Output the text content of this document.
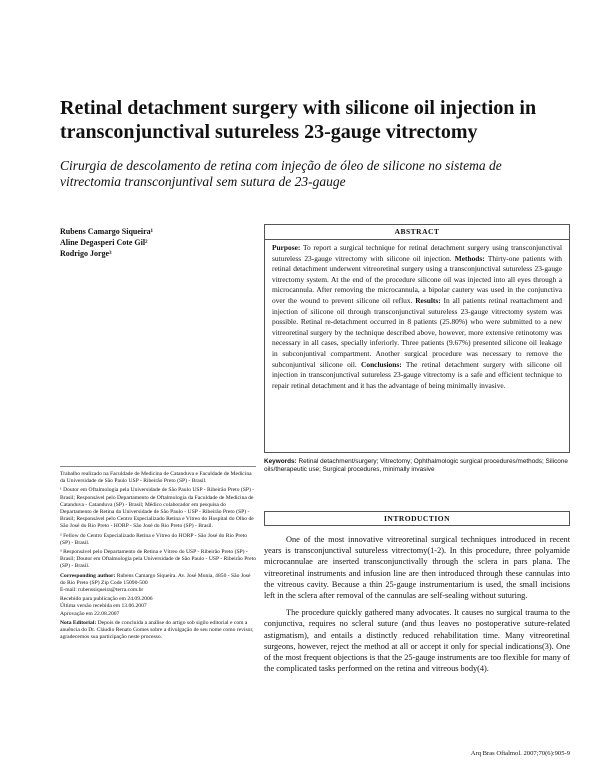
Retinal detachment surgery with silicone oil injection in transconjunctival sutureless 23-gauge vitrectomy
Cirurgia de descolamento de retina com injeção de óleo de silicone no sistema de vitrectomia transconjuntival sem sutura de 23-gauge
Rubens Camargo Siqueira¹
Aline Degasperi Cote Gil²
Rodrigo Jorge³
ABSTRACT
Purpose: To report a surgical technique for retinal detachment surgery using transconjunctival sutureless 23-gauge vitrectomy with silicone oil injection. Methods: Thirty-one patients with retinal detachment underwent vitreoretinal surgery using a transconjunctival sutureless 23-gauge vitrectomy system. At the end of the procedure silicone oil was injected into all eyes through a microcannula. After removing the microcannula, a bipolar cautery was used in the conjunctiva over the wound to prevent silicone oil reflux. Results: In all patients retinal reattachment and injection of silicone oil through transconjunctival sutureless 23-gauge vitrectomy system was possible. Retinal re-detachment occurred in 8 patients (25.80%) who were submitted to a new vitreoretinal surgery by the technique described above, however, more extensive retinotomy was necessary in all cases, specially inferiorly. Three patients (9.67%) presented silicone oil leakage in subconjuntival compartment. Another surgical procedure was necessary to remove the subconjuntival silicone oil. Conclusions: The retinal detachment surgery with silicone oil injection in transconjunctival sutureless 23-gauge vitrectomy is a safe and efficient technique to repair retinal detachment and it has the advantage of being minimally invasive.
Keywords: Retinal detachment/surgery; Vitrectomy; Ophthalmologic surgical procedures/methods; Silicone oils/therapeutic use; Surgical procedures, minimally invasive

Trabalho realizado na Faculdade de Medicina de Catanduva e Faculdade de Medicina da Universidade de São Paulo USP - Ribeirão Preto (SP) - Brasil.

¹ Doutor em Oftalmologia pela Universidade de São Paulo USP - Ribeirão Preto (SP) - Brasil; Responsável pelo Departamento de Oftalmologia da Faculdade de Medicina de Catanduva - Catanduva (SP) - Brasil; Médico colaborador em pesquisa do Departamento de Retina da Universidade de São Paulo - USP - Ribeirão Preto (SP) - Brasil; Responsável pelo Centro Especializado Retina e Vítreo do Hospital do Olho de São José do Rio Preto - HORP - São José do Rio Preto (SP) - Brasil.

² Fellow do Centro Especializado Retina e Vítreo do HORP - São José do Rio Preto (SP) - Brasil.

³ Responsável pelo Departamento de Retina e Vítreo do USP - Ribeirão Preto (SP) - Brasil; Doutor em Oftalmologia pela Universidade de São Paulo - USP - Ribeirão Preto (SP) - Brasil.

Corresponding author: Rubens Camargo Siqueira. Av. José Munia, 4850 - São José do Rio Preto (SP) Zip Code 15090-500
E-mail: rubenssiqueira@terra.com.br

Recebido para publicação em 24.09.2006
Última versão recebida em 13.06.2007
Aprovação em 22.08.2007

Nota Editorial: Depois de concluída a análise do artigo sob sigilo editorial e com a anuência do Dr. Cláudio Renato Gomes sobre a divulgação de seu nome como revisor, agradecemos sua participação neste processo.

INTRODUCTION

One of the most innovative vitreoretinal surgical techniques introduced in recent years is transconjunctival sutureless vitrectomy(1-2). In this procedure, three polyamide microcannulae are inserted transconjunctivally through the sclera in pars plana. The vitreoretinal instruments and infusion line are then introduced through these cannulas into the vitreous cavity. Because a thin 25-gauge instrumentarium is used, the small incisions left in the sclera after removal of the cannulas are self-sealing without suturing.

The procedure quickly gathered many advocates. It causes no surgical trauma to the conjunctiva, requires no scleral suture (and thus leaves no postoperative suture-related astigmatism), and entails a distinctly reduced rehabilitation time. Many vitreoretinal surgeons, however, reject the method at all or accept it only for special indications(3). One of the most frequent objections is that the 25-gauge instruments are too flexible for many of the complicated tasks performed on the retina and vitreous body(4).

Arq Bras Oftalmol. 2007;70(6):905-9
